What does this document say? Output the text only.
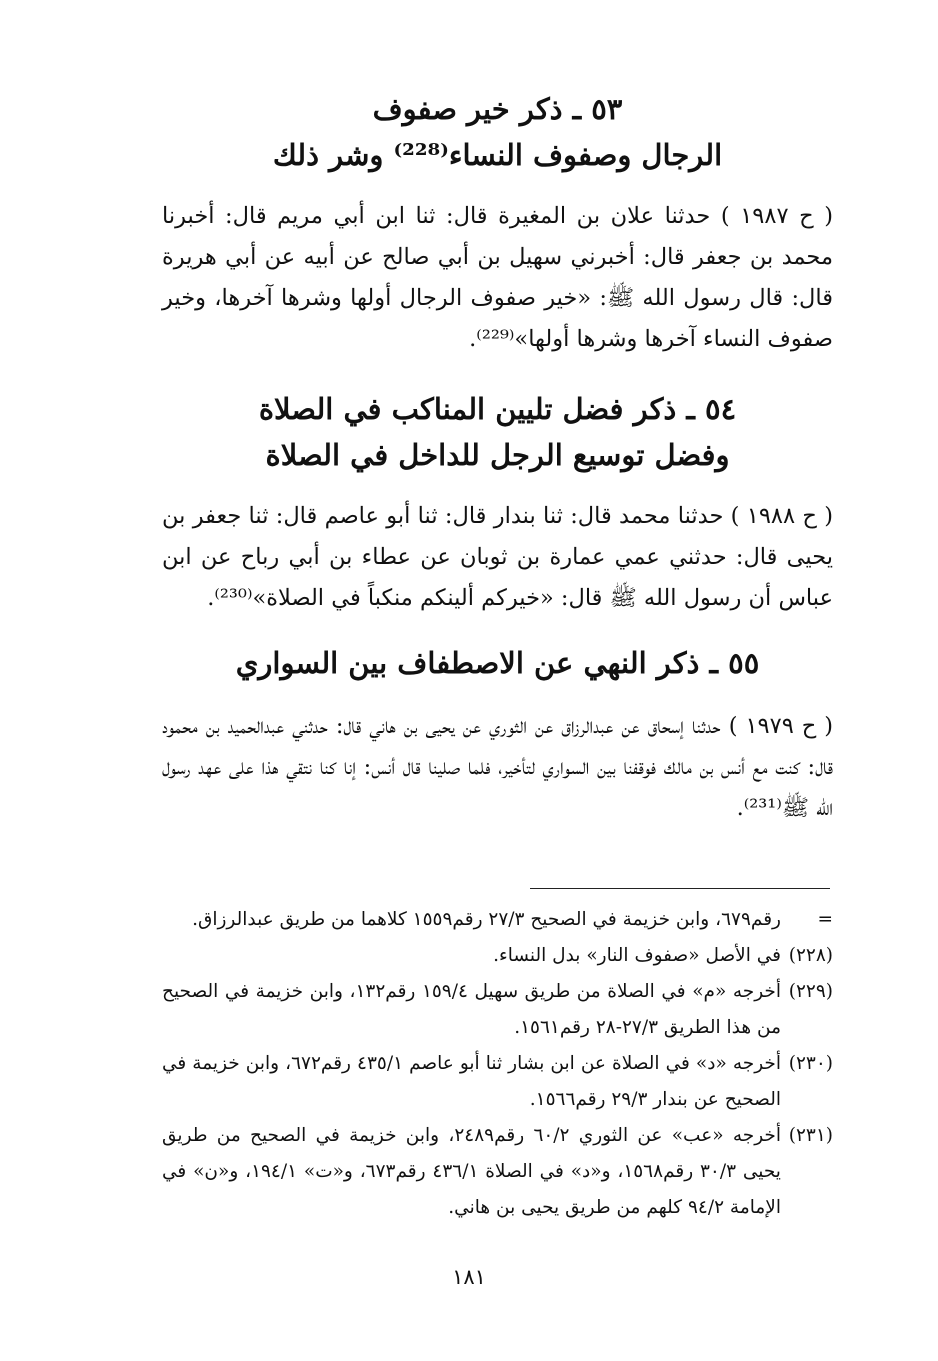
٥٣ ـ ذكر خير صفوف
الرجال وصفوف النساء⁽²²⁸⁾ وشر ذلك
( ح ١٩٨٧ ) حدثنا علان بن المغيرة قال: ثنا ابن أبي مريم قال: أخبرنا محمد بن جعفر قال: أخبرني سهيل بن أبي صالح عن أبيه عن أبي هريرة قال: قال رسول الله ﷺ: «خير صفوف الرجال أولها وشرها آخرها، وخير صفوف النساء آخرها وشرها أولها»⁽²²⁹⁾.
٥٤ ـ ذكر فضل تليين المناكب في الصلاة
وفضل توسيع الرجل للداخل في الصلاة
( ح ١٩٨٨ ) حدثنا محمد قال: ثنا بندار قال: ثنا أبو عاصم قال: ثنا جعفر بن يحيى قال: حدثني عمي عمارة بن ثوبان عن عطاء بن أبي رباح عن ابن عباس أن رسول الله ﷺ قال: «خيركم ألينكم منكباً في الصلاة»⁽²³⁰⁾.
٥٥ ـ ذكر النهي عن الاصطفاف بين السواري
( ح ١٩٧٩ ) حدثنا إسحاق عن عبدالرزاق عن الثوري عن يحيى بن هاني قال: حدثني عبدالحميد بن محمود قال: كنت مع أنس بن مالك فوقفنا بين السواري لتأخير، فلما صلينا قال أنس: إنا كنا نتقي هذا على عهد رسول الله ﷺ⁽²³¹⁾.
=
رقم٦٧٩، وابن خزيمة في الصحيح ٢٧/٣ رقم١٥٥٩ كلاهما من طريق عبدالرزاق.
(٢٢٨)
في الأصل «صفوف النار» بدل النساء.
(٢٢٩)
أخرجه «م» في الصلاة من طريق سهيل ١٥٩/٤ رقم١٣٢، وابن خزيمة في الصحيح من هذا الطريق ٢٧/٣-٢٨ رقم١٥٦١.
(٢٣٠)
أخرجه «د» في الصلاة عن ابن بشار ثنا أبو عاصم ٤٣٥/١ رقم٦٧٢، وابن خزيمة في الصحيح عن بندار ٢٩/٣ رقم١٥٦٦.
(٢٣١)
أخرجه «عب» عن الثوري ٦٠/٢ رقم٢٤٨٩، وابن خزيمة في الصحيح من طريق يحيى ٣٠/٣ رقم١٥٦٨، و«د» في الصلاة ٤٣٦/١ رقم٦٧٣، و«ت» ١٩٤/١، و«ن» في الإمامة ٩٤/٢ كلهم من طريق يحيى بن هاني.
١٨١
